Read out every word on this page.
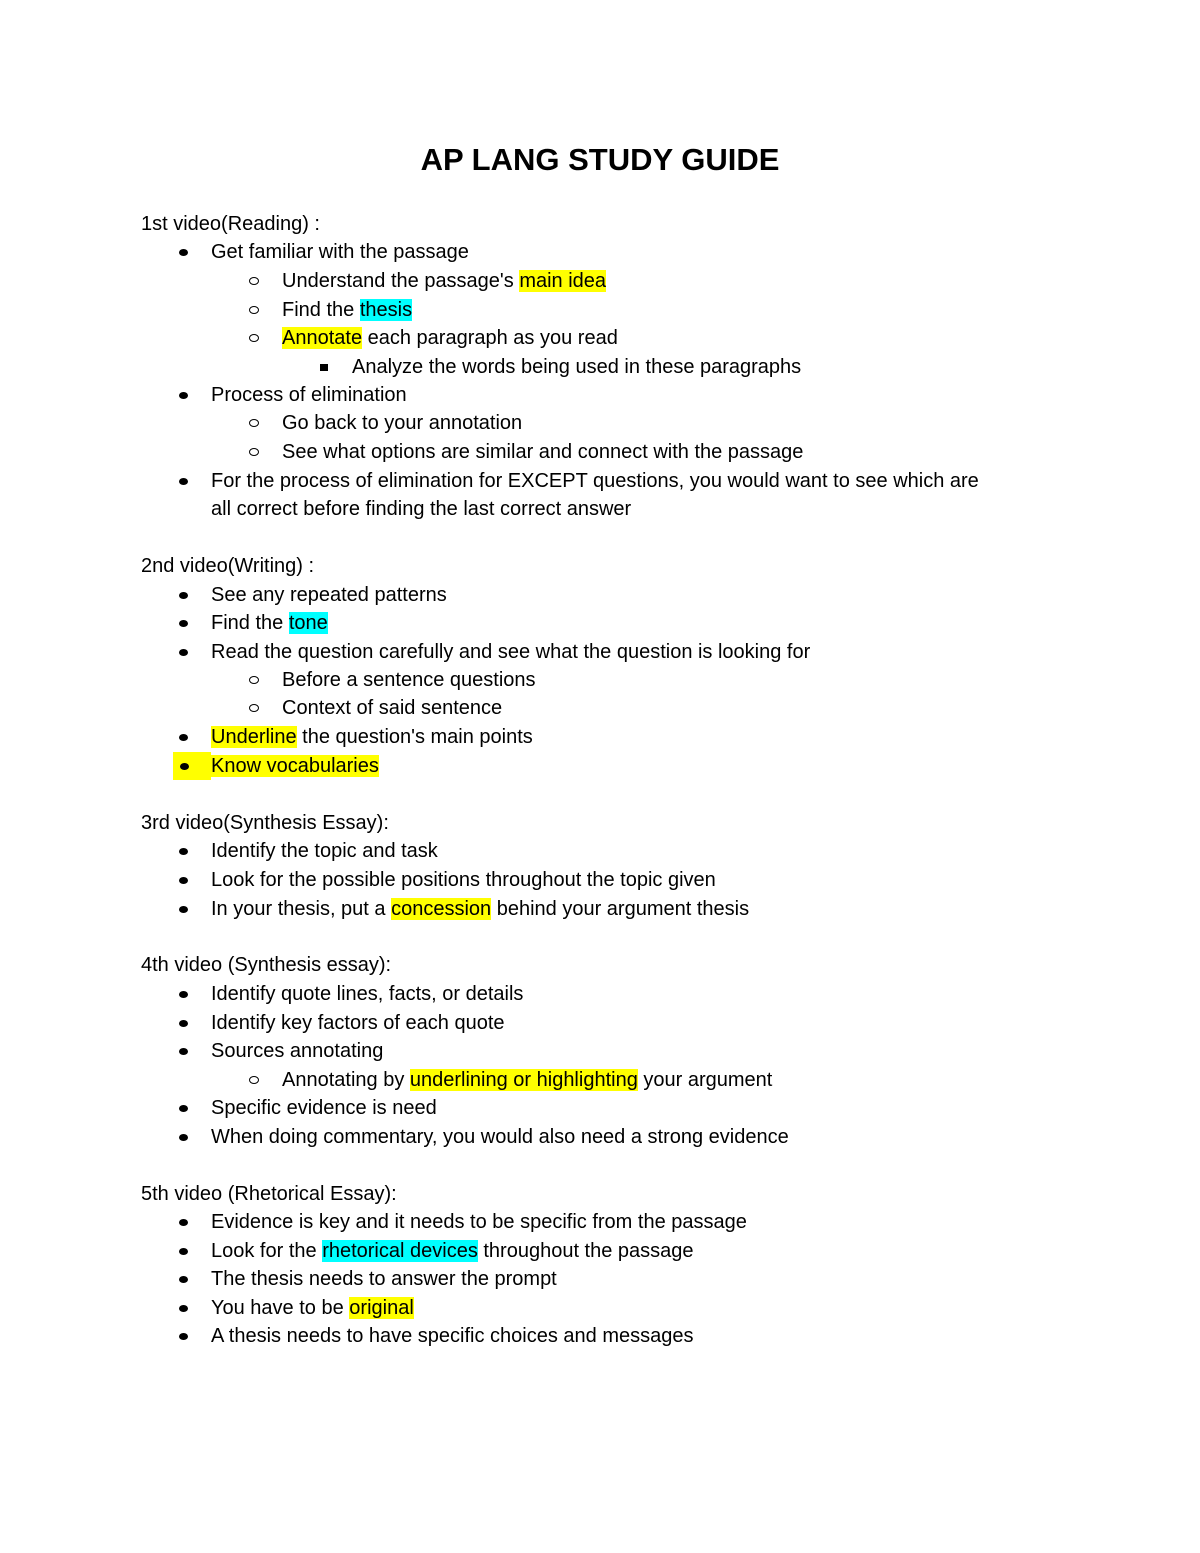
AP LANG STUDY GUIDE
1st video(Reading) :
Get familiar with the passage
Understand the passage's main idea
Find the thesis
Annotate each paragraph as you read
Analyze the words being used in these paragraphs
Process of elimination
Go back to your annotation
See what options are similar and connect with the passage
For the process of elimination for EXCEPT questions, you would want to see which are
all correct before finding the last correct answer
2nd video(Writing) :
See any repeated patterns
Find the tone
Read the question carefully and see what the question is looking for
Before a sentence questions
Context of said sentence
Underline the question's main points
Know vocabularies
3rd video(Synthesis Essay):
Identify the topic and task
Look for the possible positions throughout the topic given
In your thesis, put a concession behind your argument thesis
4th video (Synthesis essay):
Identify quote lines, facts, or details
Identify key factors of each quote
Sources annotating
Annotating by underlining or highlighting your argument
Specific evidence is need
When doing commentary, you would also need a strong evidence
5th video (Rhetorical Essay):
Evidence is key and it needs to be specific from the passage
Look for the rhetorical devices throughout the passage
The thesis needs to answer the prompt
You have to be original
A thesis needs to have specific choices and messages
